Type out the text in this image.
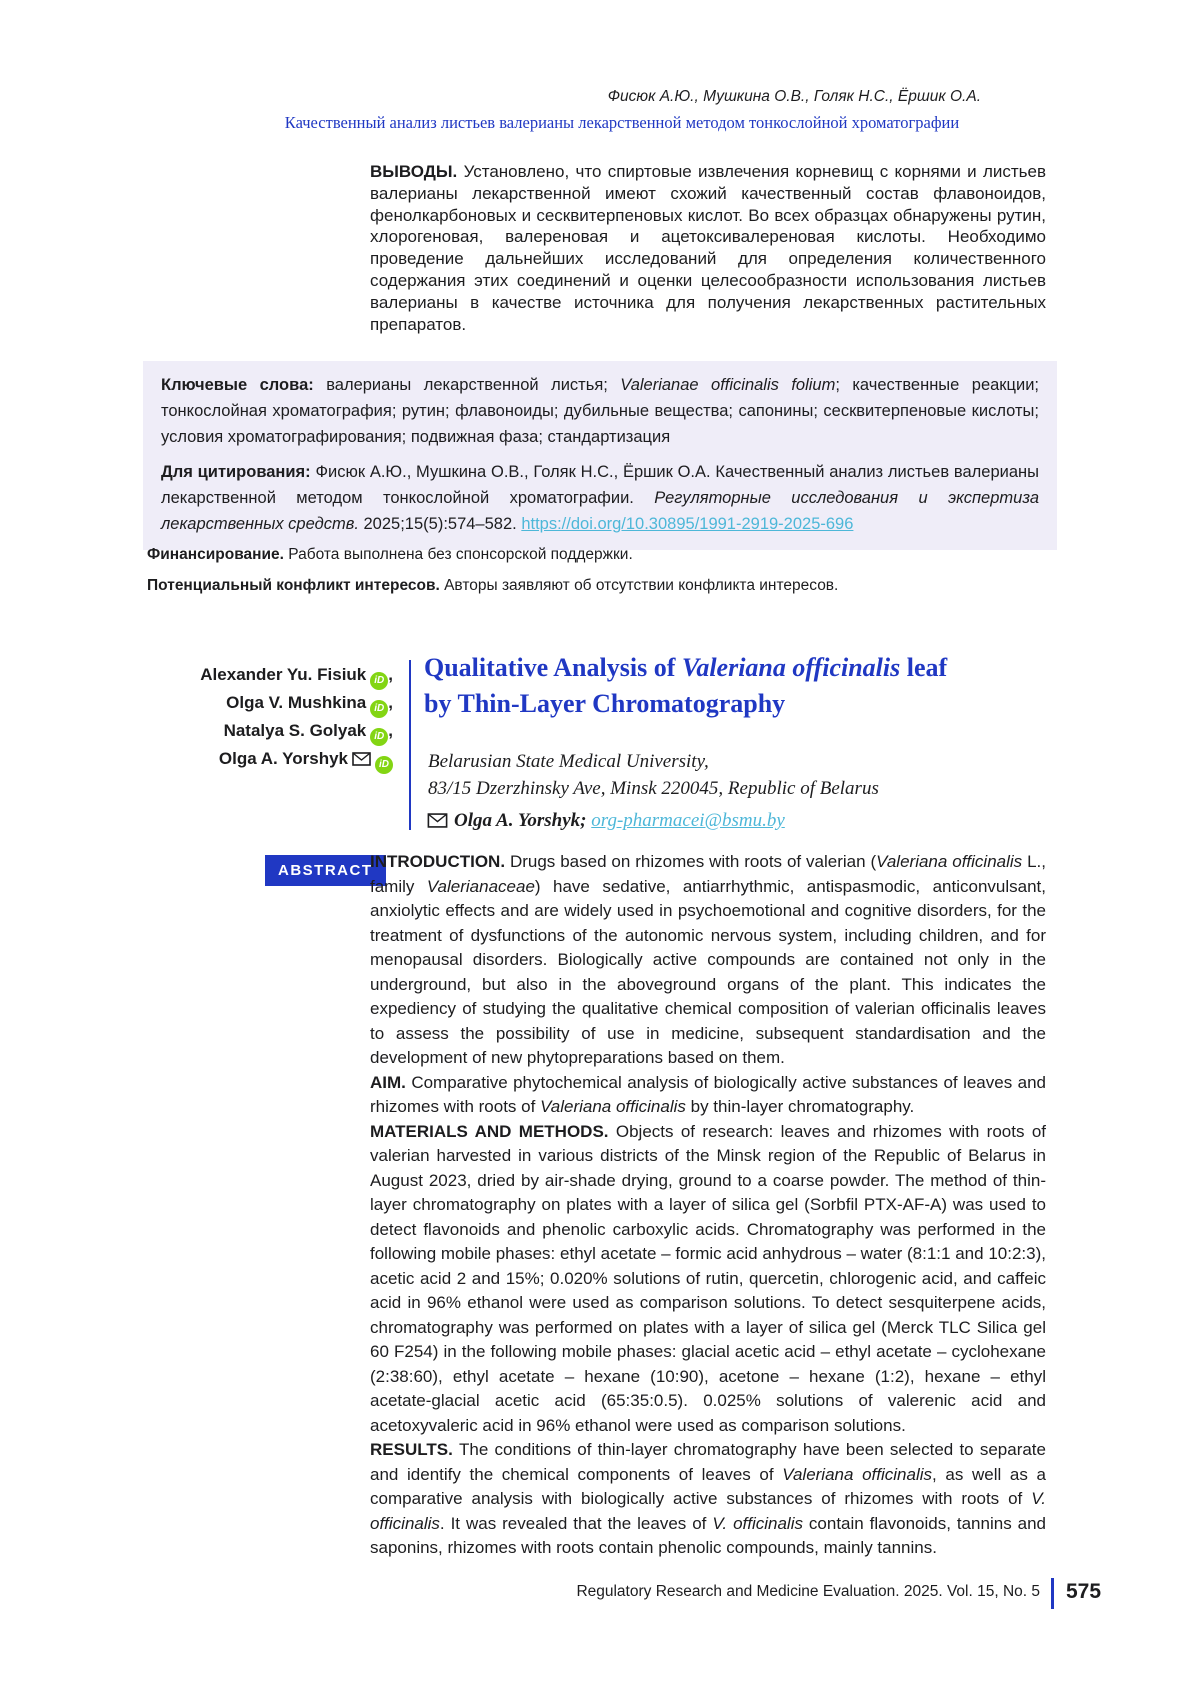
Фисюк А.Ю., Мушкина О.В., Голяк Н.С., Ёршик О.А.
Качественный анализ листьев валерианы лекарственной методом тонкослойной хроматографии

ВЫВОДЫ. Установлено, что спиртовые извлечения корневищ с корнями и листьев валерианы лекарственной имеют схожий качественный состав флавоноидов, фенолкарбоновых и сесквитерпеновых кислот. Во всех образцах обнаружены рутин, хлорогеновая, валереновая и ацетоксивалереновая кислоты. Необходимо проведение дальнейших исследований для определения количественного содержания этих соединений и оценки целесообразности использования листьев валерианы в качестве источника для получения лекарственных растительных препаратов.

Ключевые слова: валерианы лекарственной листья; Valerianae officinalis folium; качественные реакции; тонкослойная хроматография; рутин; флавоноиды; дубильные вещества; сапонины; сесквитерпеновые кислоты; условия хроматографирования; подвижная фаза; стандартизация

Для цитирования: Фисюк А.Ю., Мушкина О.В., Голяк Н.С., Ёршик О.А. Качественный анализ листьев валерианы лекарственной методом тонкослойной хроматографии. Регуляторные исследования и экспертиза лекарственных средств. 2025;15(5):574–582. https://doi.org/10.30895/1991-2919-2025-696

Финансирование. Работа выполнена без спонсорской поддержки.

Потенциальный конфликт интересов. Авторы заявляют об отсутствии конфликта интересов.

Alexander Yu. Fisiuk iD ,
Olga V. Mushkina iD ,
Natalya S. Golyak iD ,
Olga A. Yorshyk	iD
Qualitative Analysis of Valeriana officinalis leaf
by Thin-Layer Chromatography
Belarusian State Medical University,
83/15 Dzerzhinsky Ave, Minsk 220045, Republic of Belarus
Olga A. Yorshyk; org-pharmacei@bsmu.by
ABSTRACT

INTRODUCTION. Drugs based on rhizomes with roots of valerian (Valeriana officinalis L., family Valerianaceae) have sedative, antiarrhythmic, antispasmodic, anticonvulsant, anxiolytic effects and are widely used in psychoemotional and cognitive disorders, for the treatment of dysfunctions of the autonomic nervous system, including children, and for menopausal disorders. Biologically active compounds are contained not only in the underground, but also in the aboveground organs of the plant. This indicates the expediency of studying the qualitative chemical composition of valerian officinalis leaves to assess the possibility of use in medicine, subsequent standardisation and the development of new phytopreparations based on them.

AIM. Comparative phytochemical analysis of biologically active substances of leaves and rhizomes with roots of Valeriana officinalis by thin-layer chromatography.

MATERIALS AND METHODS. Objects of research: leaves and rhizomes with roots of valerian harvested in various districts of the Minsk region of the Republic of Belarus in August 2023, dried by air-shade drying, ground to a coarse powder. The method of thin-layer chromatography on plates with a layer of silica gel (Sorbfil PTX-AF-A) was used to detect flavonoids and phenolic carboxylic acids. Chromatography was performed in the following mobile phases: ethyl acetate – formic acid anhydrous – water (8:1:1 and 10:2:3), acetic acid 2 and 15%; 0.020% solutions of rutin, quercetin, chlorogenic acid, and caffeic acid in 96% ethanol were used as comparison solutions. To detect sesquiterpene acids, chromatography was performed on plates with a layer of silica gel (Merck TLC Silica gel 60 F254) in the following mobile phases: glacial acetic acid – ethyl acetate – cyclohexane (2:38:60), ethyl acetate – hexane (10:90), acetone – hexane (1:2), hexane – ethyl acetate-glacial acetic acid (65:35:0.5). 0.025% solutions of valerenic acid and acetoxyvaleric acid in 96% ethanol were used as comparison solutions.

RESULTS. The conditions of thin-layer chromatography have been selected to separate and identify the chemical components of leaves of Valeriana officinalis, as well as a comparative analysis with biologically active substances of rhizomes with roots of V. officinalis. It was revealed that the leaves of V. officinalis contain flavonoids, tannins and saponins, rhizomes with roots contain phenolic compounds, mainly tannins.

Regulatory Research and Medicine Evaluation. 2025. Vol. 15, No. 5 575
